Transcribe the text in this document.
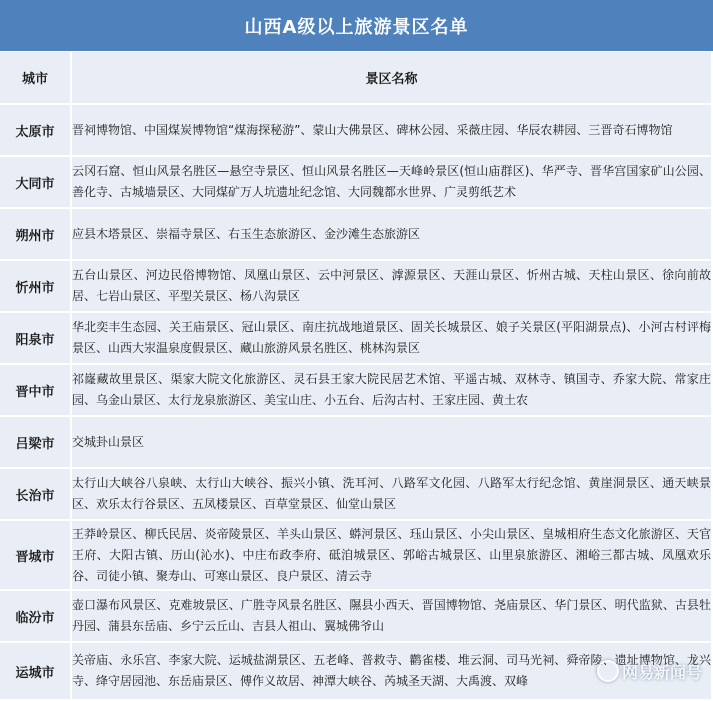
山西A级以上旅游景区名单
城市	景区名称
太原市	晋祠博物馆、中国煤炭博物馆“煤海探秘游”、蒙山大佛景区、碑林公园、采薇庄园、华辰农耕园、三晋奇石博物馆

大同市	云冈石窟、恒山风景名胜区—悬空寺景区、恒山风景名胜区—天峰岭景区(恒山庙群区)、华严寺、晋华宫国家矿山公园、善化寺、古城墙景区、大同煤矿万人坑遗址纪念馆、大同魏都水世界、广灵剪纸艺术

朔州市	应县木塔景区、崇福寺景区、右玉生态旅游区、金沙滩生态旅游区

忻州市	五台山景区、河边民俗博物馆、凤凰山景区、云中河景区、滹源景区、天涯山景区、忻州古城、天柱山景区、徐向前故居、七岩山景区、平型关景区、杨八沟景区

阳泉市	华北奕丰生态园、关王庙景区、冠山景区、南庄抗战地道景区、固关长城景区、娘子关景区(平阳湖景点)、小河古村评梅景区、山西大汖温泉度假景区、藏山旅游风景名胜区、桃林沟景区

晋中市	祁嶐藏故里景区、渠家大院文化旅游区、灵石县王家大院民居艺术馆、平遥古城、双林寺、镇国寺、乔家大院、常家庄园、乌金山景区、太行龙泉旅游区、美宝山庄、小五台、后沟古村、王家庄园、黄土农

吕梁市	交城卦山景区

长治市	太行山大峡谷八泉峡、太行山大峡谷、振兴小镇、洗耳河、八路军文化园、八路军太行纪念馆、黄崖洞景区、通天峡景区、欢乐太行谷景区、五凤楼景区、百草堂景区、仙堂山景区

晋城市	王莽岭景区、柳氏民居、炎帝陵景区、羊头山景区、蟒河景区、珏山景区、小尖山景区、皇城相府生态文化旅游区、天官王府、大阳古镇、历山(沁水)、中庄布政李府、砥洎城景区、郭峪古城景区、山里泉旅游区、湘峪三都古城、凤凰欢乐谷、司徒小镇、聚寿山、可寒山景区、良户景区、清云寺

临汾市	壶口瀑布风景区、克难坡景区、广胜寺风景名胜区、隰县小西天、晋国博物馆、尧庙景区、华门景区、明代监狱、古县牡丹园、蒲县东岳庙、乡宁云丘山、吉县人祖山、翼城佛爷山

运城市	关帝庙、永乐宫、李家大院、运城盐湖景区、五老峰、普救寺、鹳雀楼、堆云洞、司马光祠、舜帝陵、遗址博物馆、龙兴寺、绛守居园池、东岳庙景区、傅作义故居、神潭大峡谷、芮城圣天湖、大禹渡、双峰	网易新闻号
